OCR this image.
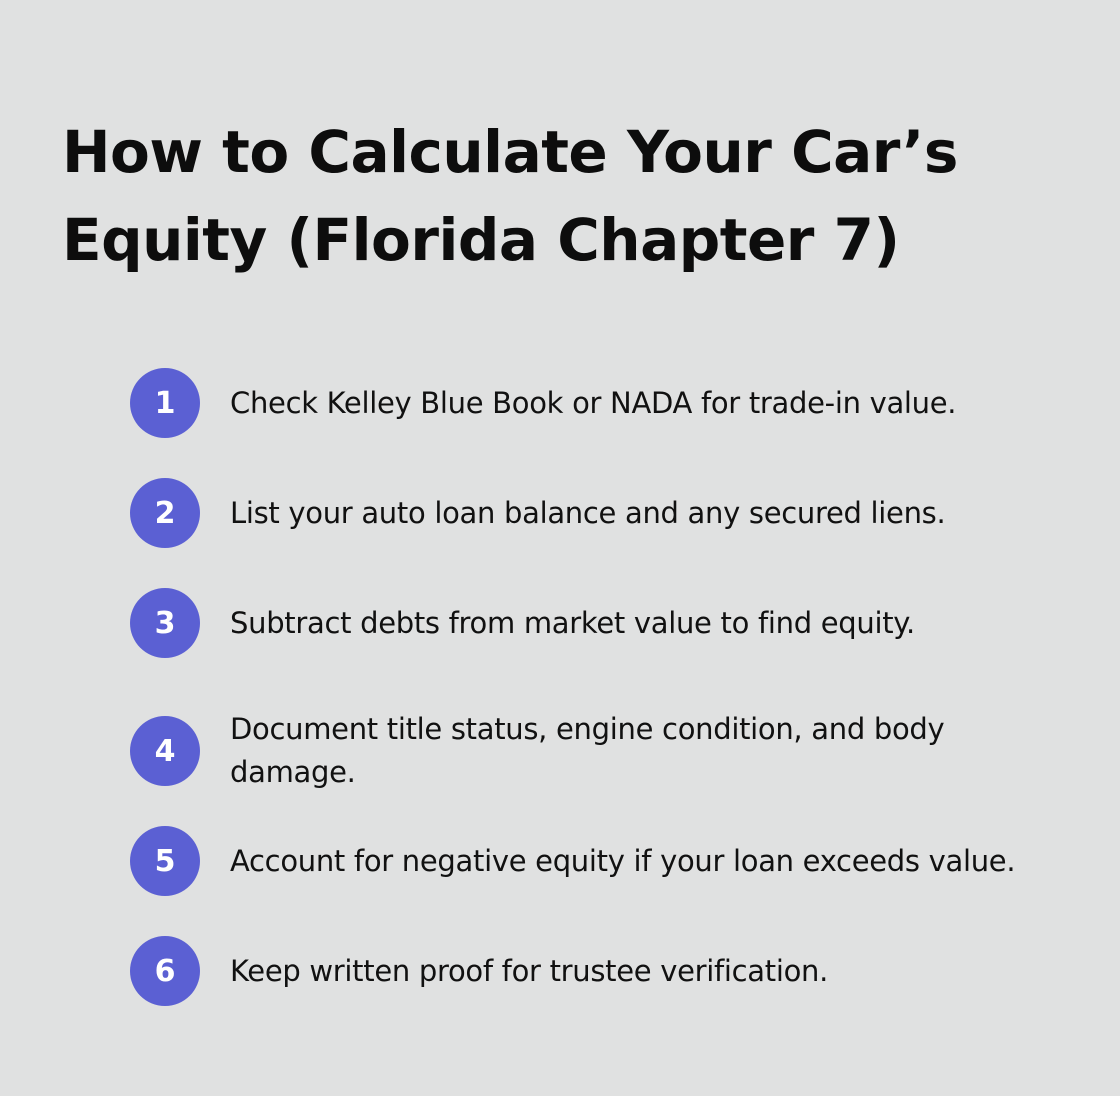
How to Calculate Your Car’s
Equity (Florida Chapter 7)
1	Check Kelley Blue Book or NADA for trade-in value.
2	List your auto loan balance and any secured liens.
3	Subtract debts from market value to find equity.
4
Document title status, engine condition, and body damage.
5	Account for negative equity if your loan exceeds value.
6	Keep written proof for trustee verification.
